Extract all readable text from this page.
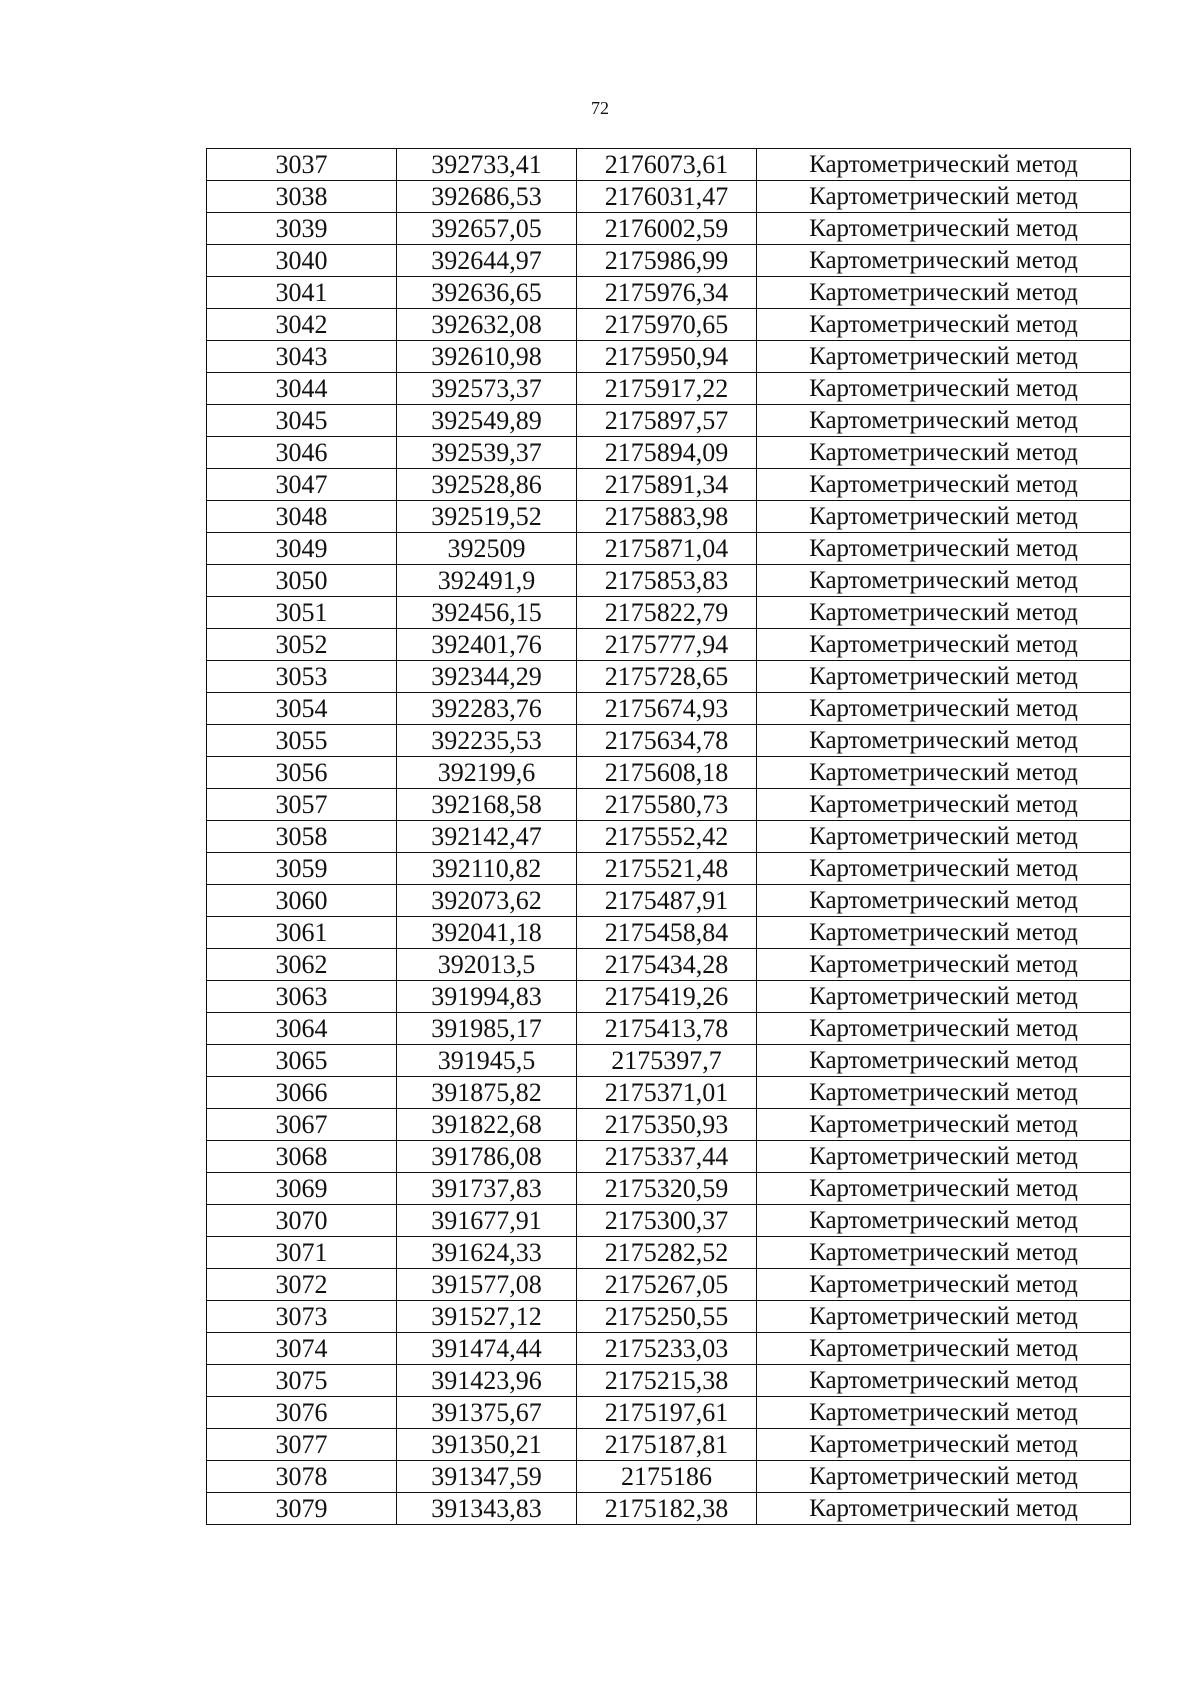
72
3037	392733,41	2176073,61	Картометрический метод
3038	392686,53	2176031,47	Картометрический метод
3039	392657,05	2176002,59	Картометрический метод
3040	392644,97	2175986,99	Картометрический метод
3041	392636,65	2175976,34	Картометрический метод
3042	392632,08	2175970,65	Картометрический метод
3043	392610,98	2175950,94	Картометрический метод
3044	392573,37	2175917,22	Картометрический метод
3045	392549,89	2175897,57	Картометрический метод
3046	392539,37	2175894,09	Картометрический метод
3047	392528,86	2175891,34	Картометрический метод
3048	392519,52	2175883,98	Картометрический метод
3049	392509	2175871,04	Картометрический метод
3050	392491,9	2175853,83	Картометрический метод
3051	392456,15	2175822,79	Картометрический метод
3052	392401,76	2175777,94	Картометрический метод
3053	392344,29	2175728,65	Картометрический метод
3054	392283,76	2175674,93	Картометрический метод
3055	392235,53	2175634,78	Картометрический метод
3056	392199,6	2175608,18	Картометрический метод
3057	392168,58	2175580,73	Картометрический метод
3058	392142,47	2175552,42	Картометрический метод
3059	392110,82	2175521,48	Картометрический метод
3060	392073,62	2175487,91	Картометрический метод
3061	392041,18	2175458,84	Картометрический метод
3062	392013,5	2175434,28	Картометрический метод
3063	391994,83	2175419,26	Картометрический метод
3064	391985,17	2175413,78	Картометрический метод
3065	391945,5	2175397,7	Картометрический метод
3066	391875,82	2175371,01	Картометрический метод
3067	391822,68	2175350,93	Картометрический метод
3068	391786,08	2175337,44	Картометрический метод
3069	391737,83	2175320,59	Картометрический метод
3070	391677,91	2175300,37	Картометрический метод
3071	391624,33	2175282,52	Картометрический метод
3072	391577,08	2175267,05	Картометрический метод
3073	391527,12	2175250,55	Картометрический метод
3074	391474,44	2175233,03	Картометрический метод
3075	391423,96	2175215,38	Картометрический метод
3076	391375,67	2175197,61	Картометрический метод
3077	391350,21	2175187,81	Картометрический метод
3078	391347,59	2175186	Картометрический метод
3079	391343,83	2175182,38	Картометрический метод
